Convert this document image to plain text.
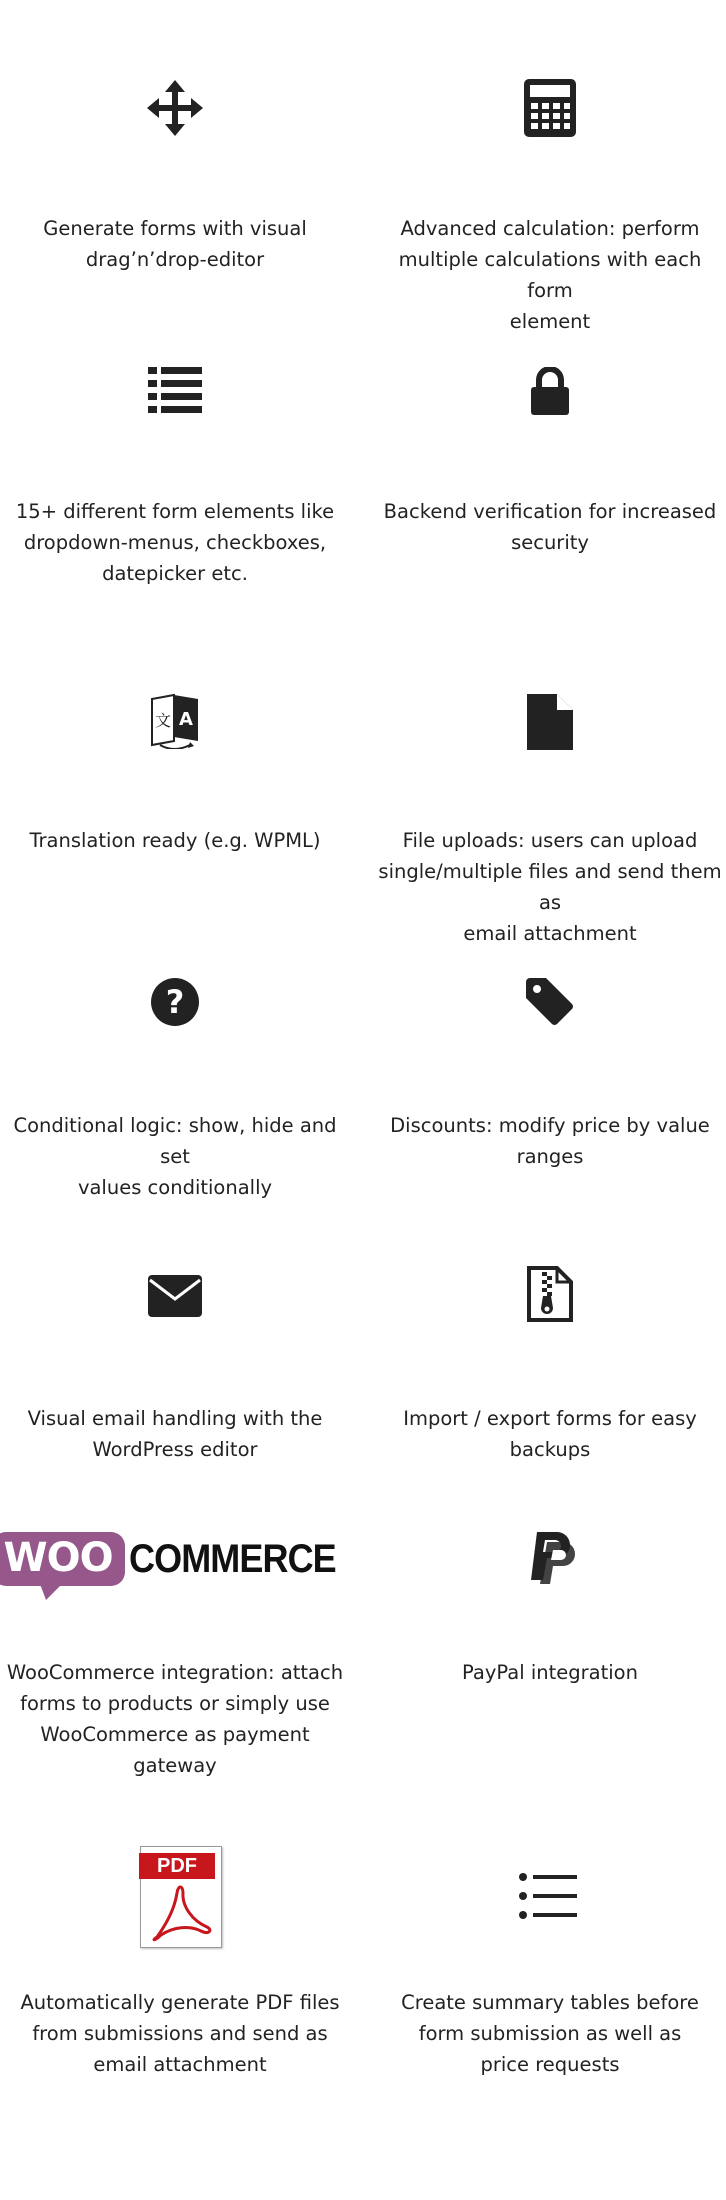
Generate forms with visual
drag’n’drop-editor
Advanced calculation: perform
multiple calculations with each form
element
15+ different form elements like
dropdown-menus, checkboxes,
datepicker etc.
Backend verification for increased
security
文 A
Translation ready (e.g. WPML)	File uploads: users can upload
single/multiple files and send them as
email attachment
?
Conditional logic: show, hide and set
values conditionally
Discounts: modify price by value
ranges
Visual email handling with the
WordPress editor
Import / export forms for easy
backups
WOO COMMERCE
WooCommerce integration: attach
forms to products or simply use
WooCommerce as payment gateway
PayPal integration
PDF
Automatically generate PDF files
from submissions and send as
email attachment
Create summary tables before
form submission as well as
price requests
